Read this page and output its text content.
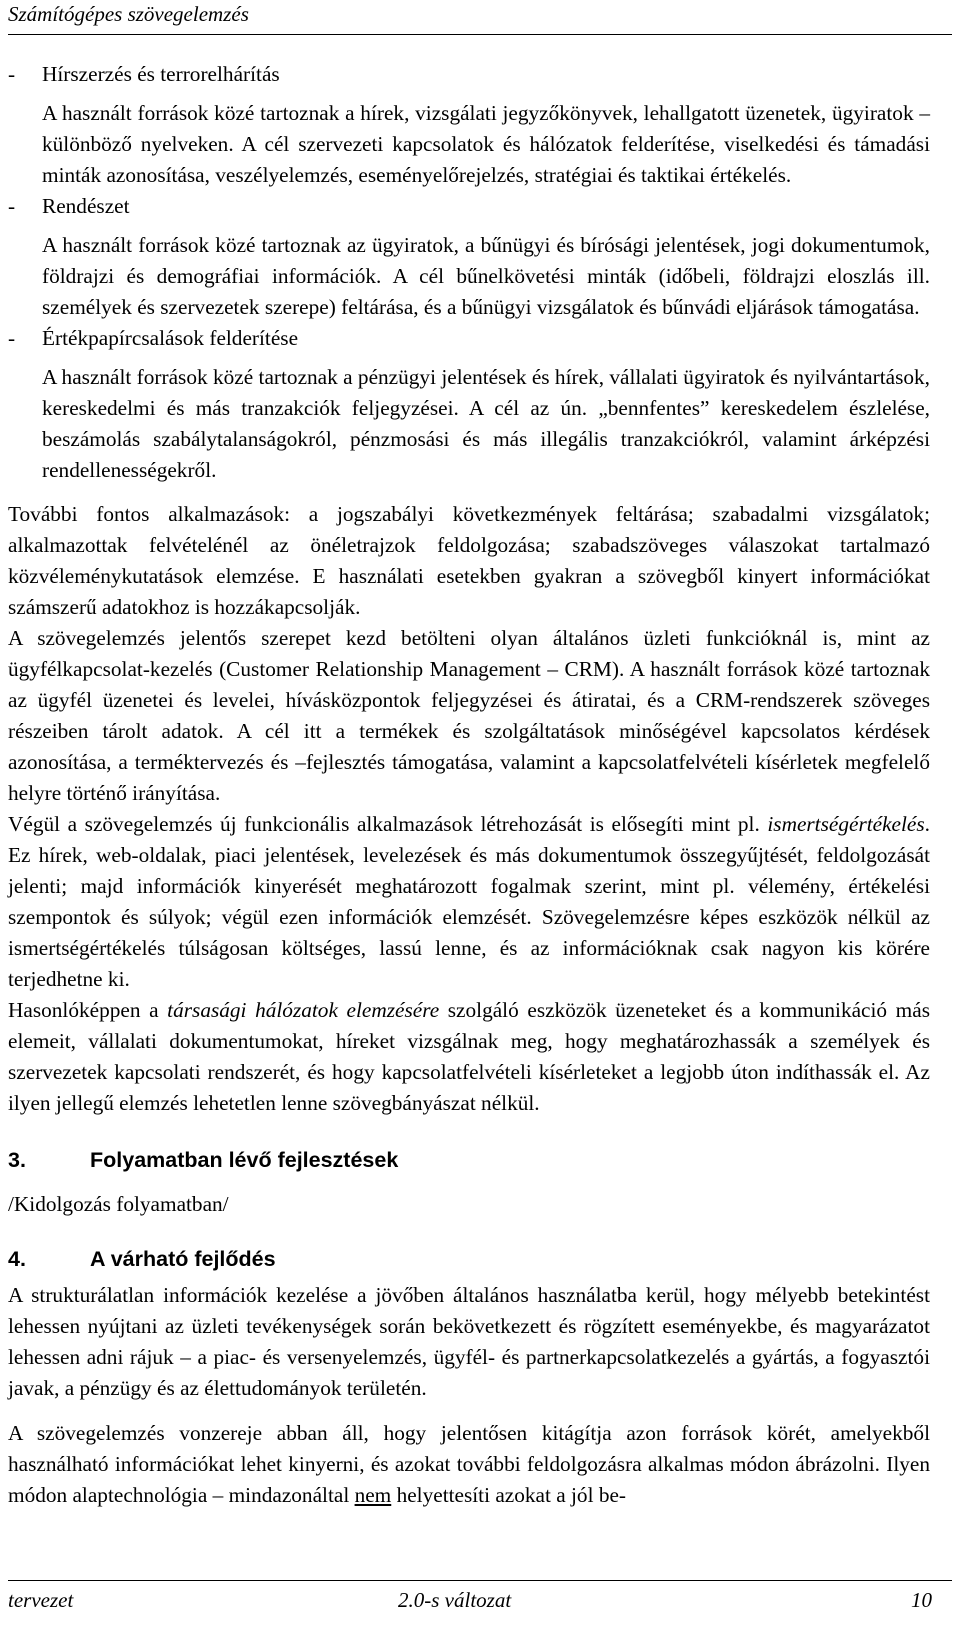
Számítógépes szövegelemzés

- Hírszerzés és terrorelhárítás

A használt források közé tartoznak a hírek, vizsgálati jegyzőkönyvek, lehallgatott üzenetek, ügyiratok – különböző nyelveken. A cél szervezeti kapcsolatok és hálózatok felderítése, viselkedési és támadási minták azonosítása, veszélyelemzés, eseményelőrejelzés, stratégiai és taktikai értékelés.

- Rendészet

A használt források közé tartoznak az ügyiratok, a bűnügyi és bírósági jelentések, jogi dokumentumok, földrajzi és demográfiai információk. A cél bűnelkövetési minták (időbeli, földrajzi eloszlás ill. személyek és szervezetek szerepe) feltárása, és a bűnügyi vizsgálatok és bűnvádi eljárások támogatása.

- Értékpapírcsalások felderítése

A használt források közé tartoznak a pénzügyi jelentések és hírek, vállalati ügyiratok és nyilvántartások, kereskedelmi és más tranzakciók feljegyzései. A cél az ún. „bennfentes” kereskedelem észlelése, beszámolás szabálytalanságokról, pénzmosási és más illegális tranzakciókról, valamint árképzési rendellenességekről.

További fontos alkalmazások: a jogszabályi következmények feltárása; szabadalmi vizsgálatok; alkalmazottak felvételénél az önéletrajzok feldolgozása; szabadszöveges válaszokat tartalmazó közvéleménykutatások elemzése. E használati esetekben gyakran a szövegből kinyert információkat számszerű adatokhoz is hozzákapcsolják.

A szövegelemzés jelentős szerepet kezd betölteni olyan általános üzleti funkcióknál is, mint az ügyfélkapcsolat-kezelés (Customer Relationship Management – CRM). A használt források közé tartoznak az ügyfél üzenetei és levelei, hívásközpontok feljegyzései és átiratai, és a CRM-rendszerek szöveges részeiben tárolt adatok. A cél itt a termékek és szolgáltatások minőségével kapcsolatos kérdések azonosítása, a terméktervezés és –fejlesztés támogatása, valamint a kapcsolatfelvételi kísérletek megfelelő helyre történő irányítása.

Végül a szövegelemzés új funkcionális alkalmazások létrehozását is elősegíti mint pl. ismertségértékelés. Ez hírek, web-oldalak, piaci jelentések, levelezések és más dokumentumok összegyűjtését, feldolgozását jelenti; majd információk kinyerését meghatározott fogalmak szerint, mint pl. vélemény, értékelési szempontok és súlyok; végül ezen információk elemzését. Szövegelemzésre képes eszközök nélkül az ismertségértékelés túlságosan költséges, lassú lenne, és az információknak csak nagyon kis körére terjedhetne ki.

Hasonlóképpen a társasági hálózatok elemzésére szolgáló eszközök üzeneteket és a kommunikáció más elemeit, vállalati dokumentumokat, híreket vizsgálnak meg, hogy meghatározhassák a személyek és szervezetek kapcsolati rendszerét, és hogy kapcsolatfelvételi kísérleteket a legjobb úton indíthassák el. Az ilyen jellegű elemzés lehetetlen lenne szövegbányászat nélkül.

3.	Folyamatban lévő fejlesztések

/Kidolgozás folyamatban/

4.	A várható fejlődés

A strukturálatlan információk kezelése a jövőben általános használatba kerül, hogy mélyebb betekintést lehessen nyújtani az üzleti tevékenységek során bekövetkezett és rögzített eseményekbe, és magyarázatot lehessen adni rájuk – a piac- és versenyelemzés, ügyfél- és partnerkapcsolatkezelés a gyártás, a fogyasztói javak, a pénzügy és az élettudományok területén.

A szövegelemzés vonzereje abban áll, hogy jelentősen kitágítja azon források körét, amelyekből használható információkat lehet kinyerni, és azokat további feldolgozásra alkalmas módon ábrázolni. Ilyen módon alaptechnológia – mindazonáltal nem helyettesíti azokat a jól be-

tervezet	2.0-s változat	10
